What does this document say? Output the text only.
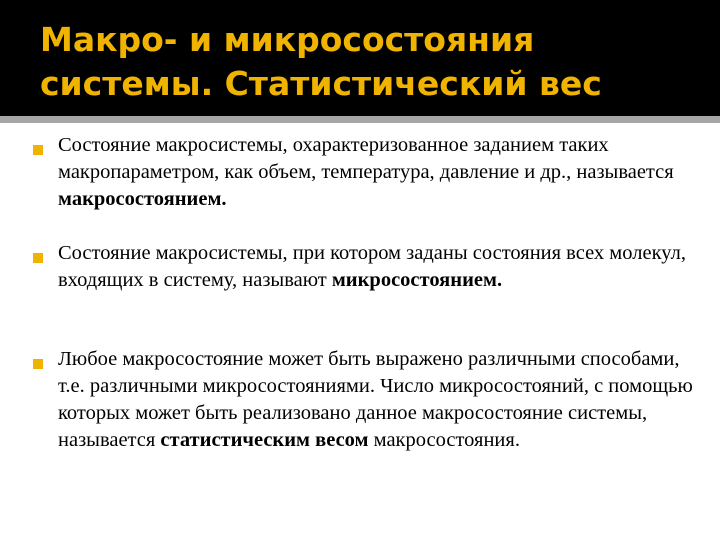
Макро- и микросостояния
системы. Статистический вес
Состояние макросистемы, охарактеризованное заданием таких макропараметром, как объем, температура, давление и др., называется макросостоянием.
Состояние макросистемы, при котором заданы состояния всех молекул, входящих в систему, называют микросостоянием.
Любое макросостояние может быть выражено различными способами, т.е. различными микросостояниями. Число микросостояний, с помощью которых может быть реализовано данное макросостояние системы, называется статистическим весом макросостояния.
